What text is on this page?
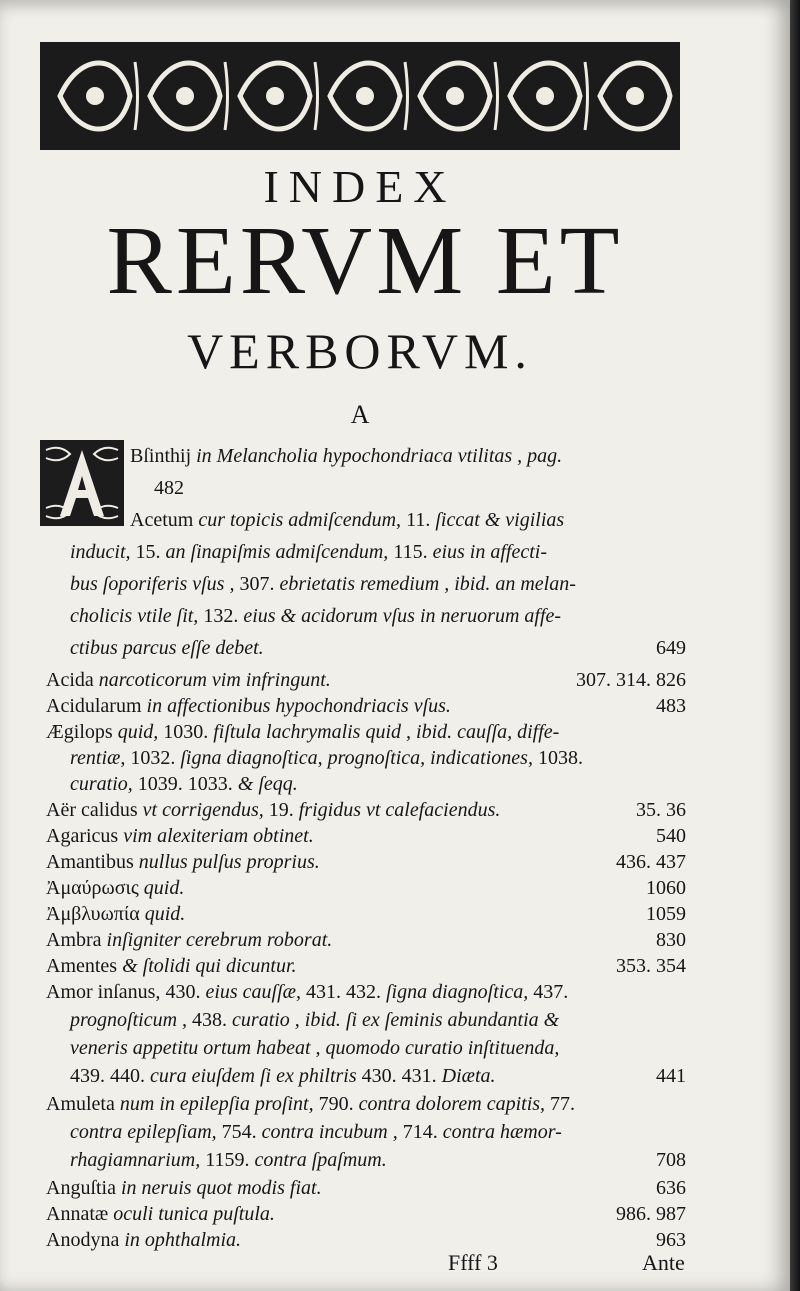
INDEX
RERVM ET
VERBORVM.
A
Bſinthij in Melancholia hypochondriaca vtilitas , pag.
482
Acetum cur topicis admiſcendum, 11. ſiccat & vigilias
inducit, 15. an ſinapiſmis admiſcendum, 115. eius in affecti-
bus ſoporiferis vſus , 307. ebrietatis remedium , ibid. an melan-
cholicis vtile ſit, 132. eius & acidorum vſus in neruorum affe-
ctibus parcus eſſe debet.	649
Acida narcoticorum vim infringunt.	307. 314. 826
Acidularum in affectionibus hypochondriacis vſus.	483
Ægilops quid, 1030. fiſtula lachrymalis quid , ibid. cauſſa, diffe-
rentiæ, 1032. ſigna diagnoſtica, prognoſtica, indicationes, 1038.
curatio, 1039. 1033. & ſeqq.
Aër calidus vt corrigendus, 19. frigidus vt calefaciendus.	35. 36
Agaricus vim alexiteriam obtinet.	540
Amantibus nullus pulſus proprius.	436. 437
Ἀμαύρωσις quid.	1060
Ἀμβλυωπία quid.	1059
Ambra inſigniter cerebrum roborat.	830
Amentes & ſtolidi qui dicuntur.	353. 354
Amor inſanus, 430. eius cauſſæ, 431. 432. ſigna diagnoſtica, 437.
prognoſticum , 438. curatio , ibid. ſi ex ſeminis abundantia &
veneris appetitu ortum habeat , quomodo curatio inſtituenda,
439. 440. cura eiuſdem ſi ex philtris 430. 431. Diæta.	441
Amuleta num in epilepſia proſint, 790. contra dolorem capitis, 77.
contra epilepſiam, 754. contra incubum , 714. contra hæmor-
rhagiamnarium, 1159. contra ſpaſmum.	708
Anguſtia in neruis quot modis fiat.	636
Annatæ oculi tunica puſtula.	986. 987
Anodyna in ophthalmia.	963
Ffff 3	Ante
